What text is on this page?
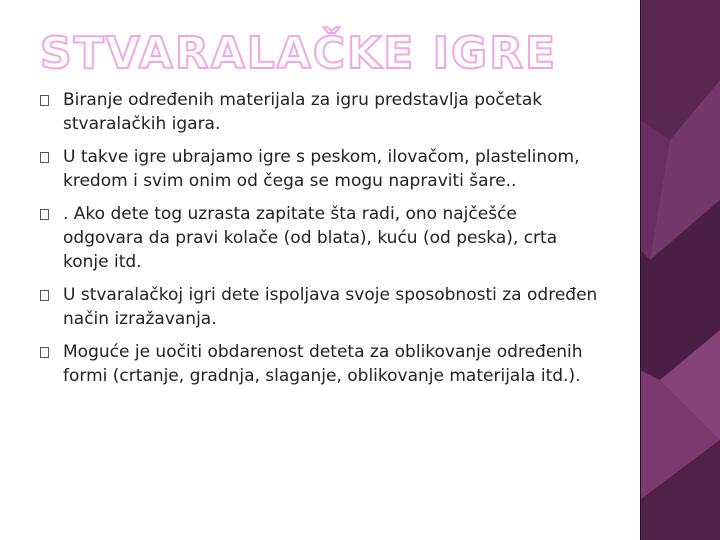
STVARALAČKE IGRE
Biranje određenih materijala za igru predstavlja početak stvaralačkih igara.
U takve igre ubrajamo igre s peskom, ilovačom, plastelinom, kredom i svim onim od čega se mogu napraviti šare..
. Ako dete tog uzrasta zapitate šta radi, ono najčešće odgovara da pravi kolače (od blata), kuću (od peska), crta konje itd.
U stvaralačkoj igri dete ispoljava svoje sposobnosti za određen način izražavanja.
Moguće je uočiti obdarenost deteta za oblikovanje određenih formi (crtanje, gradnja, slaganje, oblikovanje materijala itd.).
